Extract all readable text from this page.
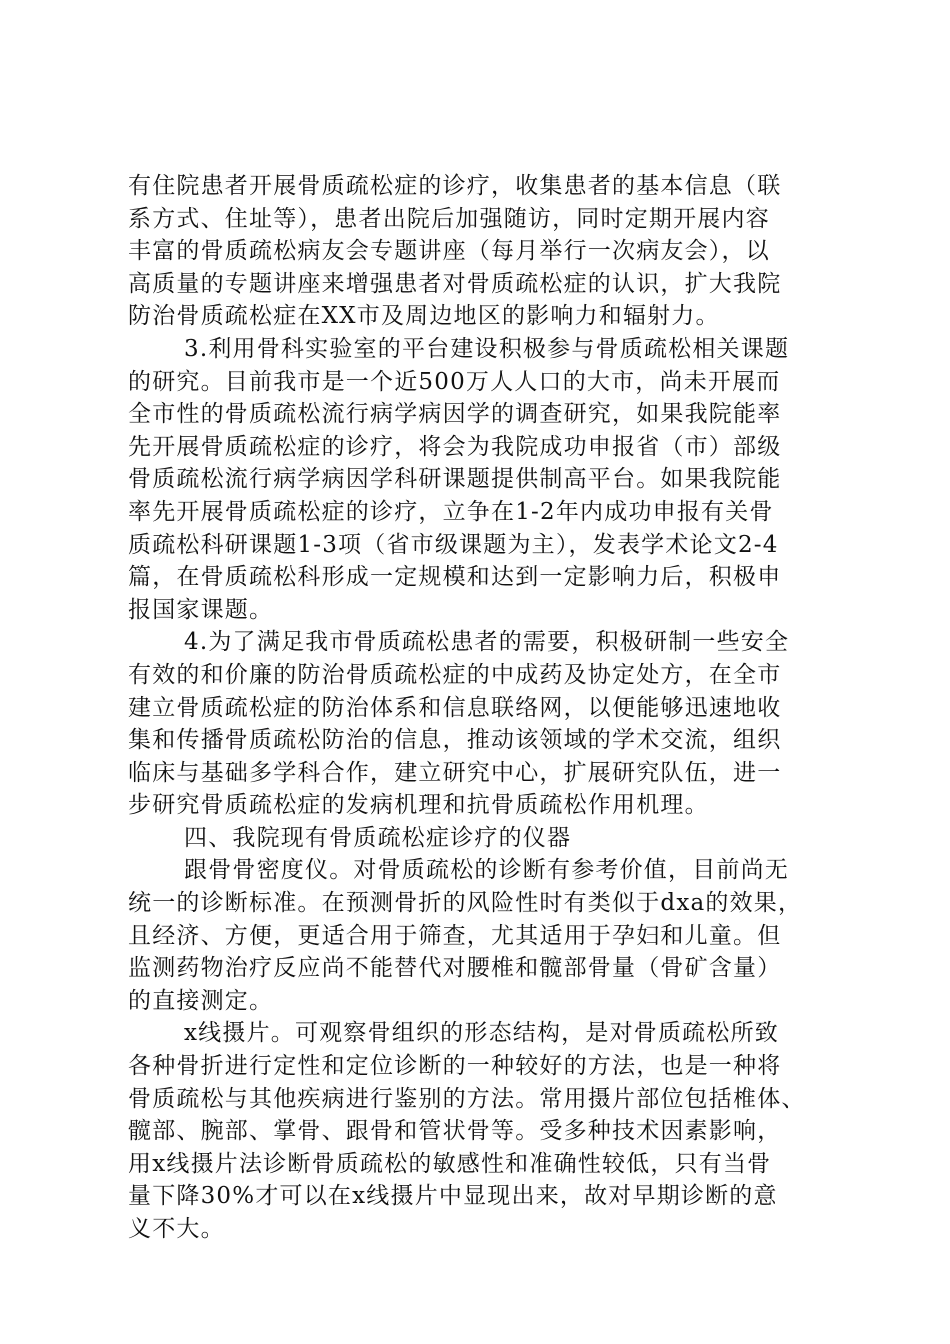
有住院患者开展骨质疏松症的诊疗，收集患者的基本信息（联
系方式、住址等），患者出院后加强随访，同时定期开展内容
丰富的骨质疏松病友会专题讲座（每月举行一次病友会），以
高质量的专题讲座来增强患者对骨质疏松症的认识，扩大我院
防治骨质疏松症在XX市及周边地区的影响力和辐射力。
3.利用骨科实验室的平台建设积极参与骨质疏松相关课题
的研究。目前我市是一个近500万人人口的大市，尚未开展而
全市性的骨质疏松流行病学病因学的调查研究，如果我院能率
先开展骨质疏松症的诊疗，将会为我院成功申报省（市）部级
骨质疏松流行病学病因学科研课题提供制高平台。如果我院能
率先开展骨质疏松症的诊疗，立争在1-2年内成功申报有关骨
质疏松科研课题1-3项（省市级课题为主），发表学术论文2-4
篇，在骨质疏松科形成一定规模和达到一定影响力后，积极申
报国家课题。
4.为了满足我市骨质疏松患者的需要，积极研制一些安全
有效的和价廉的防治骨质疏松症的中成药及协定处方，在全市
建立骨质疏松症的防治体系和信息联络网，以便能够迅速地收
集和传播骨质疏松防治的信息，推动该领域的学术交流，组织
临床与基础多学科合作，建立研究中心，扩展研究队伍，进一
步研究骨质疏松症的发病机理和抗骨质疏松作用机理。
四、我院现有骨质疏松症诊疗的仪器
跟骨骨密度仪。对骨质疏松的诊断有参考价值，目前尚无
统一的诊断标准。在预测骨折的风险性时有类似于dxa的效果，
且经济、方便，更适合用于筛查，尤其适用于孕妇和儿童。但
监测药物治疗反应尚不能替代对腰椎和髋部骨量（骨矿含量）
的直接测定。
x线摄片。可观察骨组织的形态结构，是对骨质疏松所致
各种骨折进行定性和定位诊断的一种较好的方法，也是一种将
骨质疏松与其他疾病进行鉴别的方法。常用摄片部位包括椎体、
髋部、腕部、掌骨、跟骨和管状骨等。受多种技术因素影响，
用x线摄片法诊断骨质疏松的敏感性和准确性较低，只有当骨
量下降30%才可以在x线摄片中显现出来，故对早期诊断的意
义不大。
